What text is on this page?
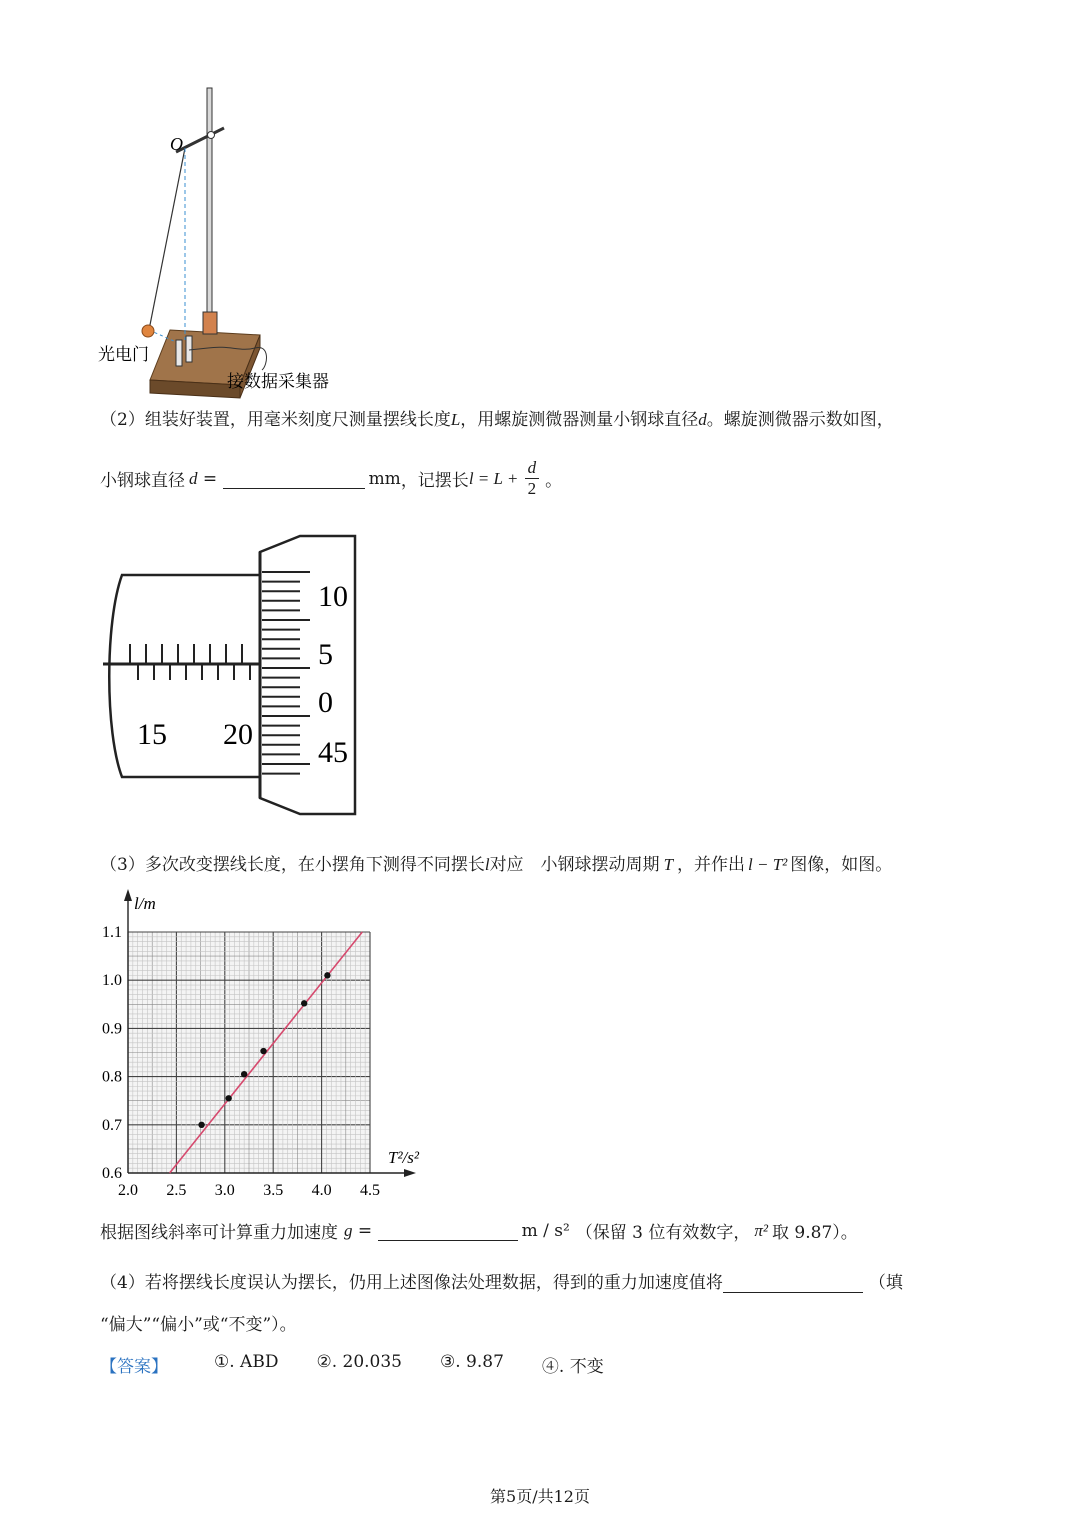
O
光电门
接数据采集器
（2）组装好装置，用毫米刻度尺测量摆线长度L，用螺旋测微器测量小钢球直径d。螺旋测微器示数如图，
小钢球直径 d =	mm ，记摆长 $l = L + \frac{d}{2}$ 。
15 20
10
5
0
45
（3）多次改变摆线长度，在小摆角下测得不同摆长l对应　小钢球摆动周期 T ，并作出 l − T² 图像，如图。
2.0 2.5 3.0 3.5 4.0 4.5
0.6
0.7
0.8
0.9
1.0
1.1
l/m
T²/s²
根据图线斜率可计算重力加速度 g =	m / s² （保留 3 位有效数字， π² 取 9.87）。
（4）若将摆线长度误认为摆长，仍用上述图像法处理数据，得到的重力加速度值将	（填
“偏大”“偏小”或“不变”）。
【答案】	①. ABD ②. 20.035 ③. 9.87 ④. 不变
第5页/共12页
